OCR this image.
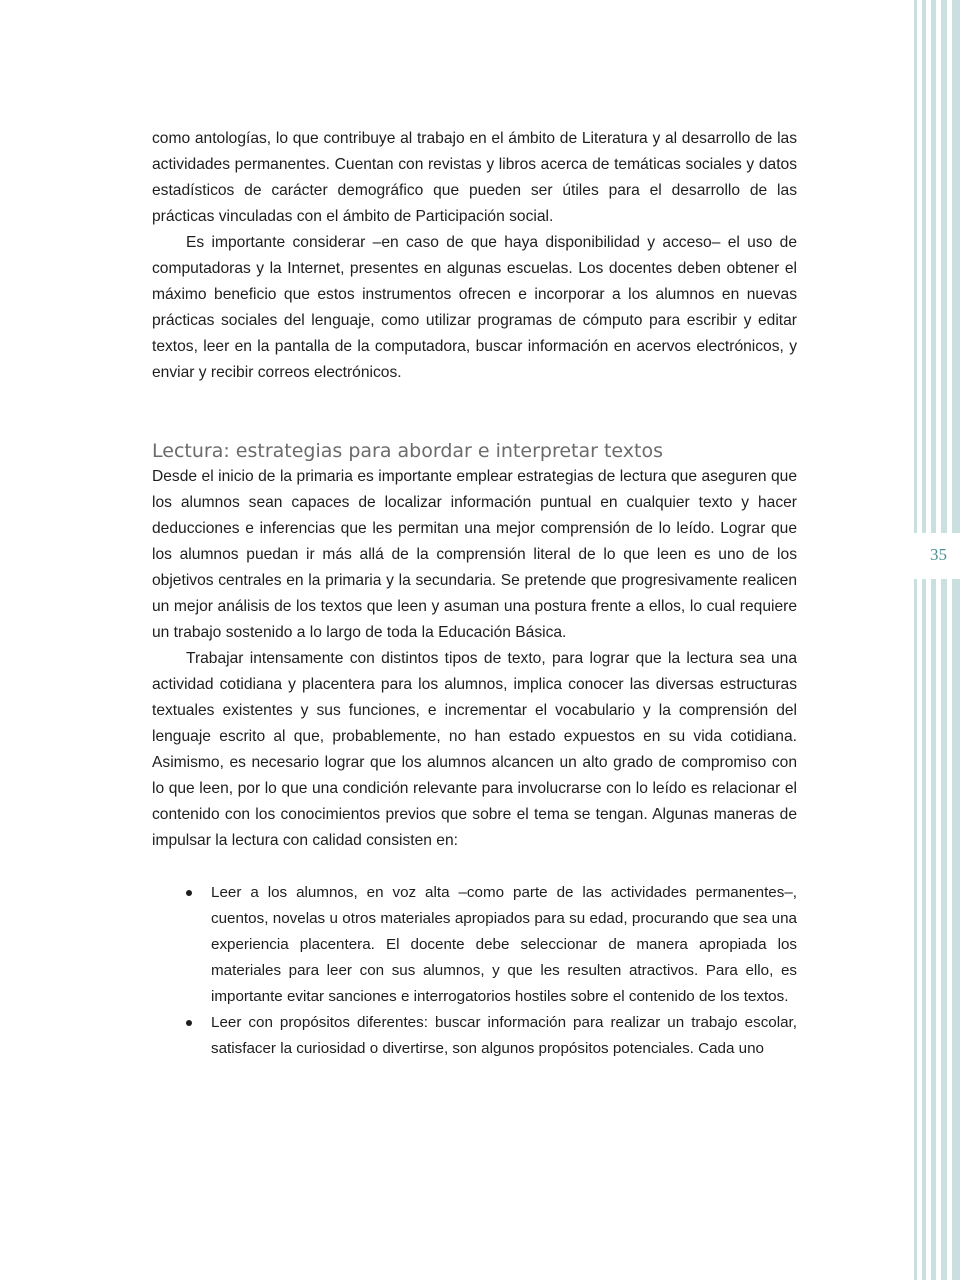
35

como antologías, lo que contribuye al trabajo en el ámbito de Literatura y al desarrollo de las actividades permanentes. Cuentan con revistas y libros acerca de temáticas sociales y datos estadísticos de carácter demográfico que pueden ser útiles para el desarrollo de las prácticas vinculadas con el ámbito de Participación social.

Es importante considerar –en caso de que haya disponibilidad y acceso– el uso de computadoras y la Internet, presentes en algunas escuelas. Los docentes deben obtener el máximo beneficio que estos instrumentos ofrecen e incorporar a los alumnos en nuevas prácticas sociales del lenguaje, como utilizar programas de cómputo para escribir y editar textos, leer en la pantalla de la computadora, buscar información en acervos electrónicos, y enviar y recibir correos electrónicos.

Lectura: estrategias para abordar e interpretar textos

Desde el inicio de la primaria es importante emplear estrategias de lectura que aseguren que los alumnos sean capaces de localizar información puntual en cualquier texto y hacer deducciones e inferencias que les permitan una mejor comprensión de lo leído. Lograr que los alumnos puedan ir más allá de la comprensión literal de lo que leen es uno de los objetivos centrales en la primaria y la secundaria. Se pretende que progresivamente realicen un mejor análisis de los textos que leen y asuman una postura frente a ellos, lo cual requiere un trabajo sostenido a lo largo de toda la Educación Básica.

Trabajar intensamente con distintos tipos de texto, para lograr que la lectura sea una actividad cotidiana y placentera para los alumnos, implica conocer las diversas estructuras textuales existentes y sus funciones, e incrementar el vocabulario y la comprensión del lenguaje escrito al que, probablemente, no han estado expuestos en su vida cotidiana. Asimismo, es necesario lograr que los alumnos alcancen un alto grado de compromiso con lo que leen, por lo que una condición relevante para involucrarse con lo leído es relacionar el contenido con los conocimientos previos que sobre el tema se tengan. Algunas maneras de impulsar la lectura con calidad consisten en:

Leer a los alumnos, en voz alta –como parte de las actividades permanentes–, cuentos, novelas u otros materiales apropiados para su edad, procurando que sea una experiencia placentera. El docente debe seleccionar de manera apropiada los materiales para leer con sus alumnos, y que les resulten atractivos. Para ello, es importante evitar sanciones e interrogatorios hostiles sobre el contenido de los textos.
Leer con propósitos diferentes: buscar información para realizar un trabajo escolar, satisfacer la curiosidad o divertirse, son algunos propósitos potenciales. Cada uno
